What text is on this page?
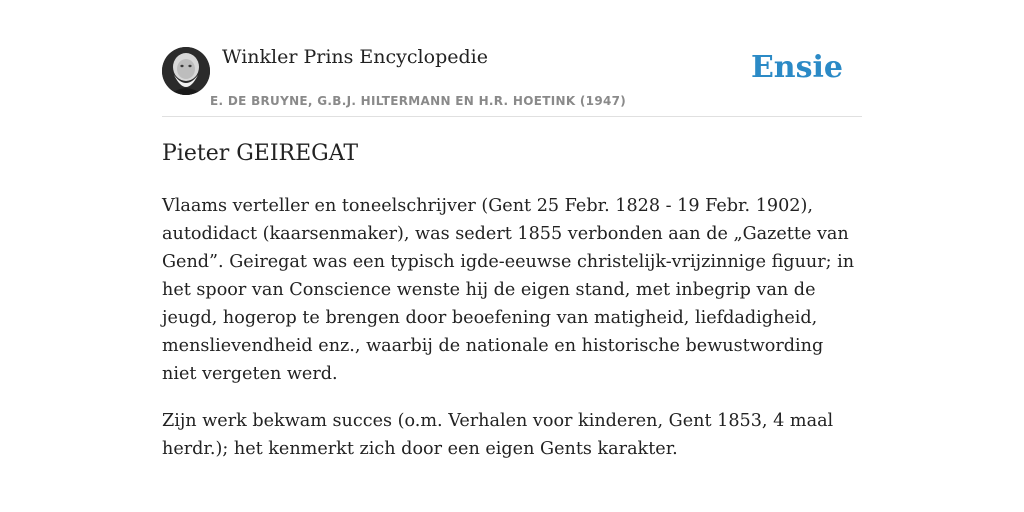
Winkler Prins Encyclopedie
E. DE BRUYNE, G.B.J. HILTERMANN EN H.R. HOETINK (1947)
Ensie
Pieter GEIREGAT

Vlaams verteller en toneelschrijver (Gent 25 Febr. 1828 - 19 Febr. 1902), autodidact (kaarsenmaker), was sedert 1855 verbonden aan de „Gazette van Gend”. Geiregat was een typisch igde-eeuwse christelijk-vrijzinnige figuur; in het spoor van Conscience wenste hij de eigen stand, met inbegrip van de jeugd, hogerop te brengen door beoefening van matigheid, liefdadigheid, menslievendheid enz., waarbij de nationale en historische bewustwording niet vergeten werd.

Zijn werk bekwam succes (o.m. Verhalen voor kinderen, Gent 1853, 4 maal herdr.); het kenmerkt zich door een eigen Gents karakter.
